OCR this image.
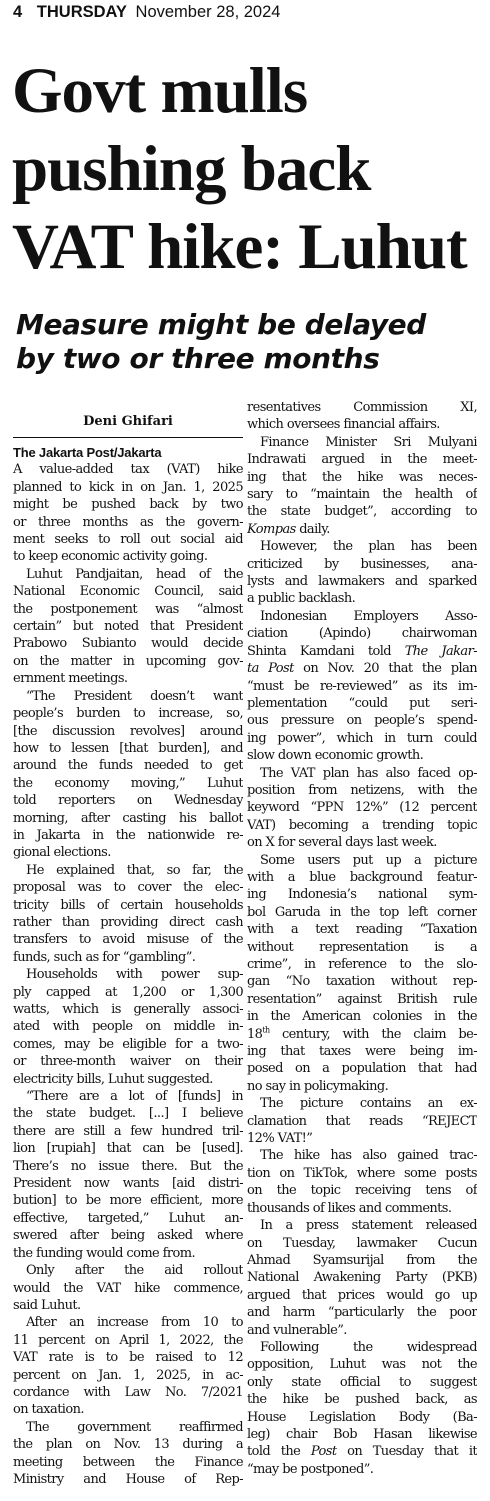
4 THURSDAY November 28, 2024
Govt mulls
pushing back
VAT hike: Luhut
Measure might be delayed
by two or three months
Deni Ghifari
The Jakarta Post/Jakarta
A value-added tax (VAT) hike
planned to kick in on Jan. 1, 2025
might be pushed back by two
or three months as the govern-
ment seeks to roll out social aid
to keep economic activity going.
Luhut Pandjaitan, head of the
National Economic Council, said
the postponement was “almost
certain” but noted that President
Prabowo Subianto would decide
on the matter in upcoming gov-
ernment meetings.
“The President doesn’t want
people’s burden to increase, so,
[the discussion revolves] around
how to lessen [that burden], and
around the funds needed to get
the economy moving,” Luhut
told reporters on Wednesday
morning, after casting his ballot
in Jakarta in the nationwide re-
gional elections.
He explained that, so far, the
proposal was to cover the elec-
tricity bills of certain households
rather than providing direct cash
transfers to avoid misuse of the
funds, such as for “gambling”.
Households with power sup-
ply capped at 1,200 or 1,300
watts, which is generally associ-
ated with people on middle in-
comes, may be eligible for a two-
or three-month waiver on their
electricity bills, Luhut suggested.
“There are a lot of [funds] in
the state budget. [...] I believe
there are still a few hundred tril-
lion [rupiah] that can be [used].
There’s no issue there. But the
President now wants [aid distri-
bution] to be more efficient, more
effective, targeted,” Luhut an-
swered after being asked where
the funding would come from.
Only after the aid rollout
would the VAT hike commence,
said Luhut.
After an increase from 10 to
11 percent on April 1, 2022, the
VAT rate is to be raised to 12
percent on Jan. 1, 2025, in ac-
cordance with Law No. 7/2021
on taxation.
The government reaffirmed
the plan on Nov. 13 during a
meeting between the Finance
Ministry and House of Rep-
resentatives Commission XI,
which oversees financial affairs.
Finance Minister Sri Mulyani
Indrawati argued in the meet-
ing that the hike was neces-
sary to “maintain the health of
the state budget”, according to
Kompas daily.
However, the plan has been
criticized by businesses, ana-
lysts and lawmakers and sparked
a public backlash.
Indonesian Employers Asso-
ciation (Apindo) chairwoman
Shinta Kamdani told The Jakar-
ta Post on Nov. 20 that the plan
“must be re-reviewed” as its im-
plementation “could put seri-
ous pressure on people’s spend-
ing power”, which in turn could
slow down economic growth.
The VAT plan has also faced op-
position from netizens, with the
keyword “PPN 12%” (12 percent
VAT) becoming a trending topic
on X for several days last week.
Some users put up a picture
with a blue background featur-
ing Indonesia’s national sym-
bol Garuda in the top left corner
with a text reading “Taxation
without representation is a
crime”, in reference to the slo-
gan “No taxation without rep-
resentation” against British rule
in the American colonies in the
18th century, with the claim be-
ing that taxes were being im-
posed on a population that had
no say in policymaking.
The picture contains an ex-
clamation that reads “REJECT
12% VAT!”
The hike has also gained trac-
tion on TikTok, where some posts
on the topic receiving tens of
thousands of likes and comments.
In a press statement released
on Tuesday, lawmaker Cucun
Ahmad Syamsurijal from the
National Awakening Party (PKB)
argued that prices would go up
and harm “particularly the poor
and vulnerable”.
Following the widespread
opposition, Luhut was not the
only state official to suggest
the hike be pushed back, as
House Legislation Body (Ba-
leg) chair Bob Hasan likewise
told the Post on Tuesday that it
“may be postponed”.
